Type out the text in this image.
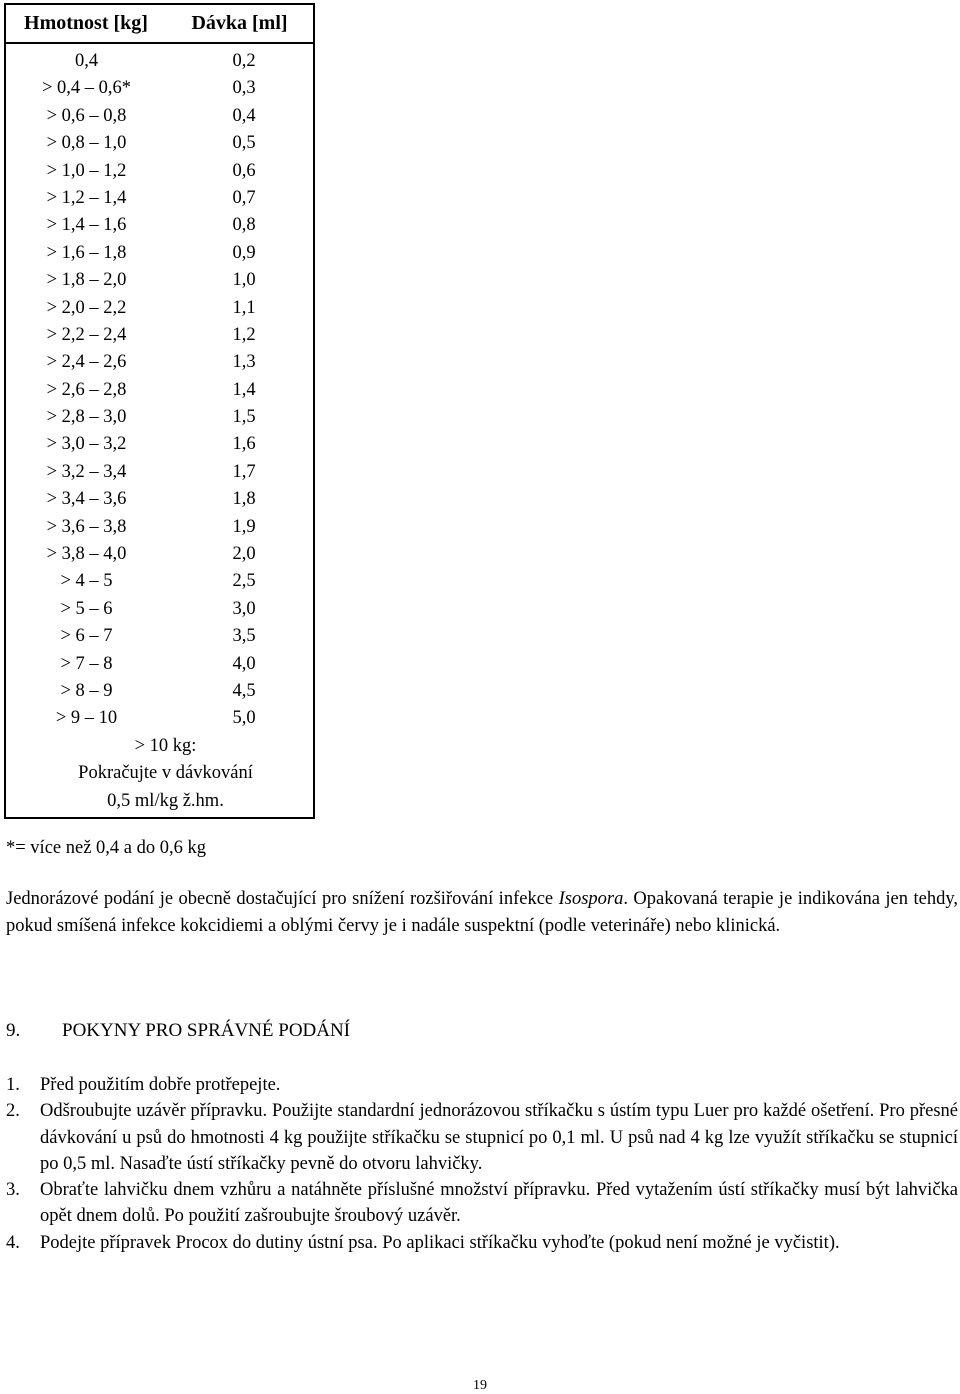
Hmotnost [kg]	Dávka [ml]
0,4	0,2
> 0,4 – 0,6*	0,3
> 0,6 – 0,8	0,4
> 0,8 – 1,0	0,5
> 1,0 – 1,2	0,6
> 1,2 – 1,4	0,7
> 1,4 – 1,6	0,8
> 1,6 – 1,8	0,9
> 1,8 – 2,0	1,0
> 2,0 – 2,2	1,1
> 2,2 – 2,4	1,2
> 2,4 – 2,6	1,3
> 2,6 – 2,8	1,4
> 2,8 – 3,0	1,5
> 3,0 – 3,2	1,6
> 3,2 – 3,4	1,7
> 3,4 – 3,6	1,8
> 3,6 – 3,8	1,9
> 3,8 – 4,0	2,0
> 4 – 5	2,5
> 5 – 6	3,0
> 6 – 7	3,5
> 7 – 8	4,0
> 8 – 9	4,5
> 9 – 10	5,0
> 10 kg:
Pokračujte v dávkování
0,5 ml/kg ž.hm.
*= více než 0,4 a do 0,6 kg
Jednorázové podání je obecně dostačující pro snížení rozšiřování infekce Isospora. Opakovaná terapie je indikována jen tehdy, pokud smíšená infekce kokcidiemi a oblými červy je i nadále suspektní (podle veterináře) nebo klinická.
9.	POKYNY PRO SPRÁVNÉ PODÁNÍ
1.	Před použitím dobře protřepejte.
2.	Odšroubujte uzávěr přípravku. Použijte standardní jednorázovou stříkačku s ústím typu Luer pro každé ošetření. Pro přesné dávkování u psů do hmotnosti 4 kg použijte stříkačku se stupnicí po 0,1 ml. U psů nad 4 kg lze využít stříkačku se stupnicí po 0,5 ml. Nasaďte ústí stříkačky pevně do otvoru lahvičky.
3.	Obraťte lahvičku dnem vzhůru a natáhněte příslušné množství přípravku. Před vytažením ústí stříkačky musí být lahvička opět dnem dolů. Po použití zašroubujte šroubový uzávěr.
4.	Podejte přípravek Procox do dutiny ústní psa. Po aplikaci stříkačku vyhoďte (pokud není možné je vyčistit).
19
